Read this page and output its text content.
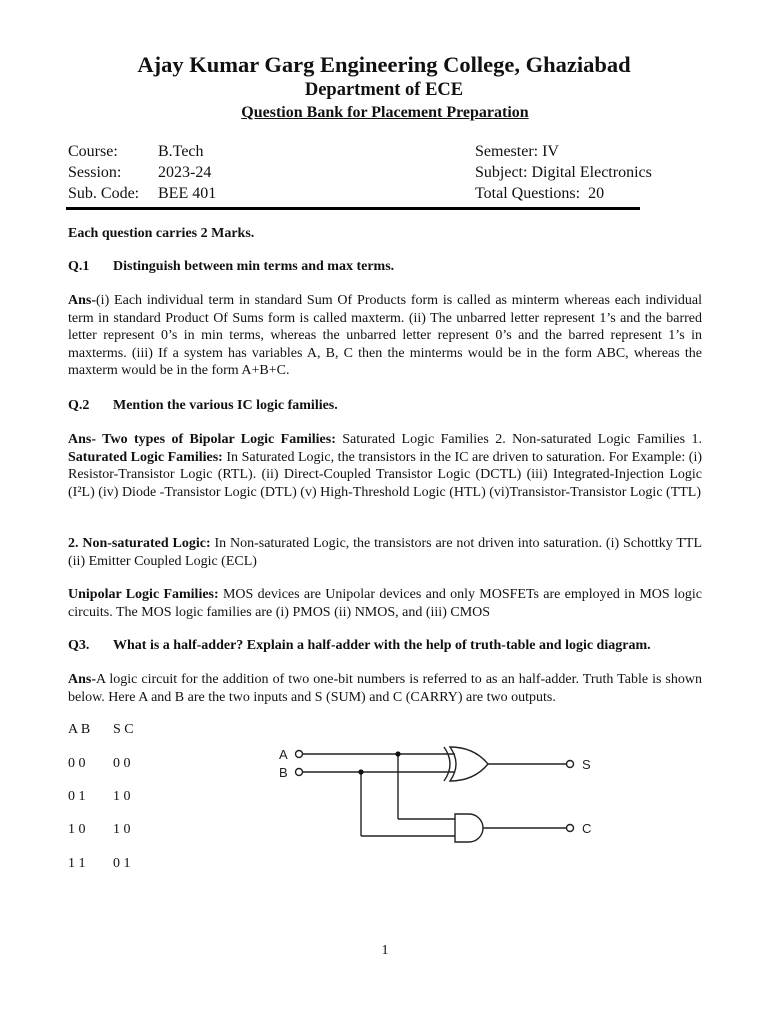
Ajay Kumar Garg Engineering College, Ghaziabad
Department of ECE
Question Bank for Placement Preparation
Course:	B.Tech
Session: 2023-24
Sub. Code: BEE 401
Semester: IV
Subject: Digital Electronics
Total Questions:  20
Each question carries 2 Marks.
Q.1 Distinguish between min terms and max terms.
Ans-(i) Each individual term in standard Sum Of Products form is called as minterm whereas each individual term in standard Product Of Sums form is called maxterm. (ii) The unbarred letter represent 1’s and the barred letter represent 0’s in min terms, whereas the unbarred letter represent 0’s and the barred represent 1’s in maxterms. (iii) If a system has variables A, B, C then the minterms would be in the form ABC, whereas the maxterm would be in the form A+B+C.
Q.2 Mention the various IC logic families.
Ans- Two types of Bipolar Logic Families: Saturated Logic Families 2. Non-saturated Logic Families 1. Saturated Logic Families: In Saturated Logic, the transistors in the IC are driven to saturation. For Example: (i) Resistor-Transistor Logic (RTL). (ii) Direct-Coupled Transistor Logic (DCTL) (iii) Integrated-Injection Logic (I²L) (iv) Diode -Transistor Logic (DTL) (v) High-Threshold Logic (HTL) (vi)Transistor-Transistor Logic (TTL)
2. Non-saturated Logic: In Non-saturated Logic, the transistors are not driven into saturation. (i) Schottky TTL (ii) Emitter Coupled Logic (ECL)
Unipolar Logic Families: MOS devices are Unipolar devices and only MOSFETs are employed in MOS logic circuits. The MOS logic families are (i) PMOS (ii) NMOS, and (iii) CMOS
Q3. What is a half-adder? Explain a half-adder with the help of truth-table and logic diagram.
Ans-A logic circuit for the addition of two one-bit numbers is referred to as an half-adder. Truth Table is shown below. Here A and B are the two inputs and S (SUM) and C (CARRY) are two outputs.
A B S C
0 0 0 0
0 1 1 0
1 0 1 0
1 1 0 1
A
B
S
C
1
